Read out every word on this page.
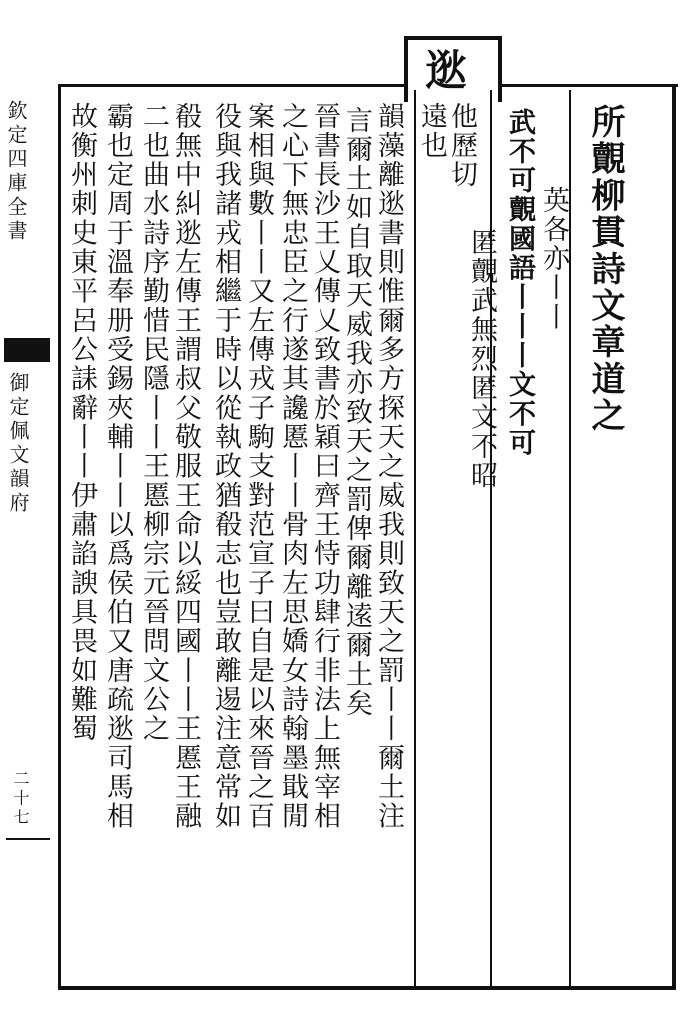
逖
欽定四庫全書
御定佩文韻府
二十七
所覿柳貫詩文章道之
英各亦丨丨
武不可覿國語丨丨丨文不可
匿覿武無烈匿文不昭
他歷切
遠也
韻藻離逖書則惟爾多方探天之威我則致天之罰丨丨爾土注
言爾土如自取天威我亦致天之罰俾爾離逺爾土矣
晉書長沙王乂傳乂致書於穎曰齊王恃功肆行非法上無宰相
之心下無忠臣之行遂其讒慝丨丨骨肉左思嬌女詩翰墨戢閒
案相與數丨丨又左傳戎子駒支對范宣子曰自是以來晉之百
役與我諸戎相繼于時以從執政猶殽志也豈敢離逷注意常如
殽無中糾逖左傳王謂叔父敬服王命以綏四國丨丨王慝王融
二也曲水詩序勤惜民隱丨丨王慝柳宗元晉問文公之
霸也定周于溫奉册受錫夾輔丨丨以爲侯伯又唐疏逖司馬相
故衡州刺史東平呂公誄辭丨丨伊肅諂諛具畏如難蜀
